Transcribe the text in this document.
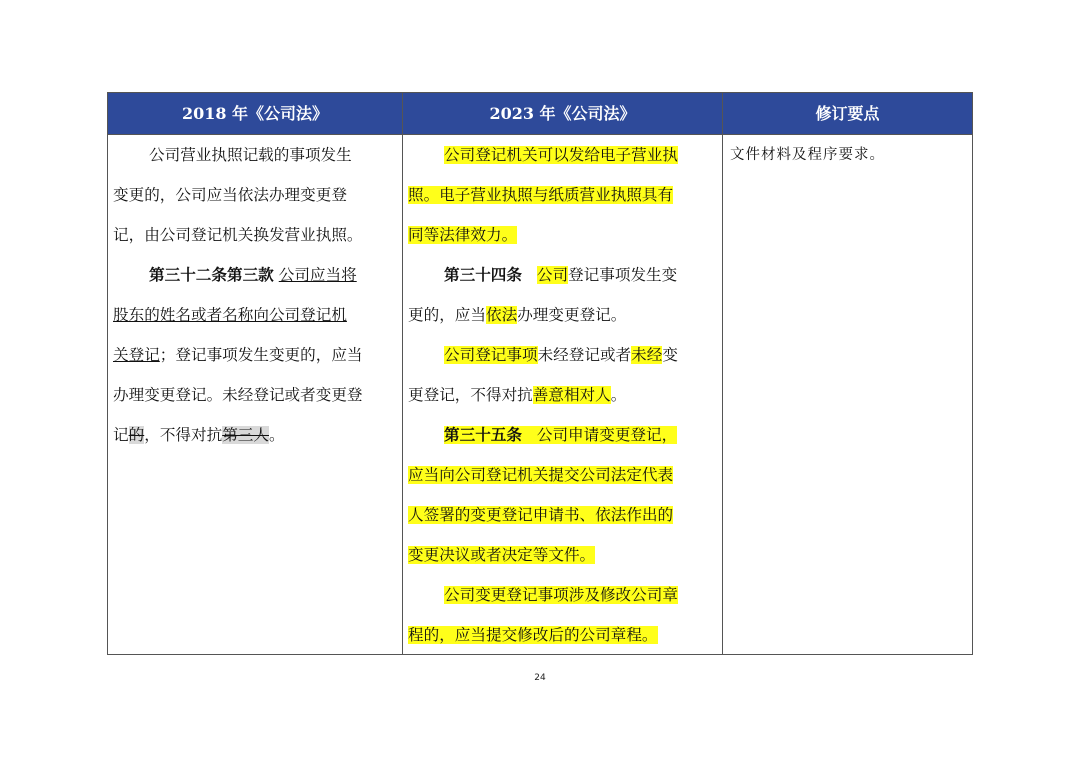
2018 年《公司法》	2023 年《公司法》	修订要点
公司营业执照记载的事项发生
变更的，公司应当依法办理变更登
记，由公司登记机关换发营业执照。
第三十二条第三款 公司应当将
股东的姓名或者名称向公司登记机
关登记；登记事项发生变更的，应当
办理变更登记。未经登记或者变更登
记的，不得对抗第三人。
公司登记机关可以发给电子营业执
照。电子营业执照与纸质营业执照具有
同等法律效力。
第三十四条 公司登记事项发生变
更的，应当依法办理变更登记。
公司登记事项未经登记或者未经变
更登记，不得对抗善意相对人。
第三十五条 公司申请变更登记，
应当向公司登记机关提交公司法定代表
人签署的变更登记申请书、依法作出的
变更决议或者决定等文件。
公司变更登记事项涉及修改公司章
程的，应当提交修改后的公司章程。
文件材料及程序要求。
24
